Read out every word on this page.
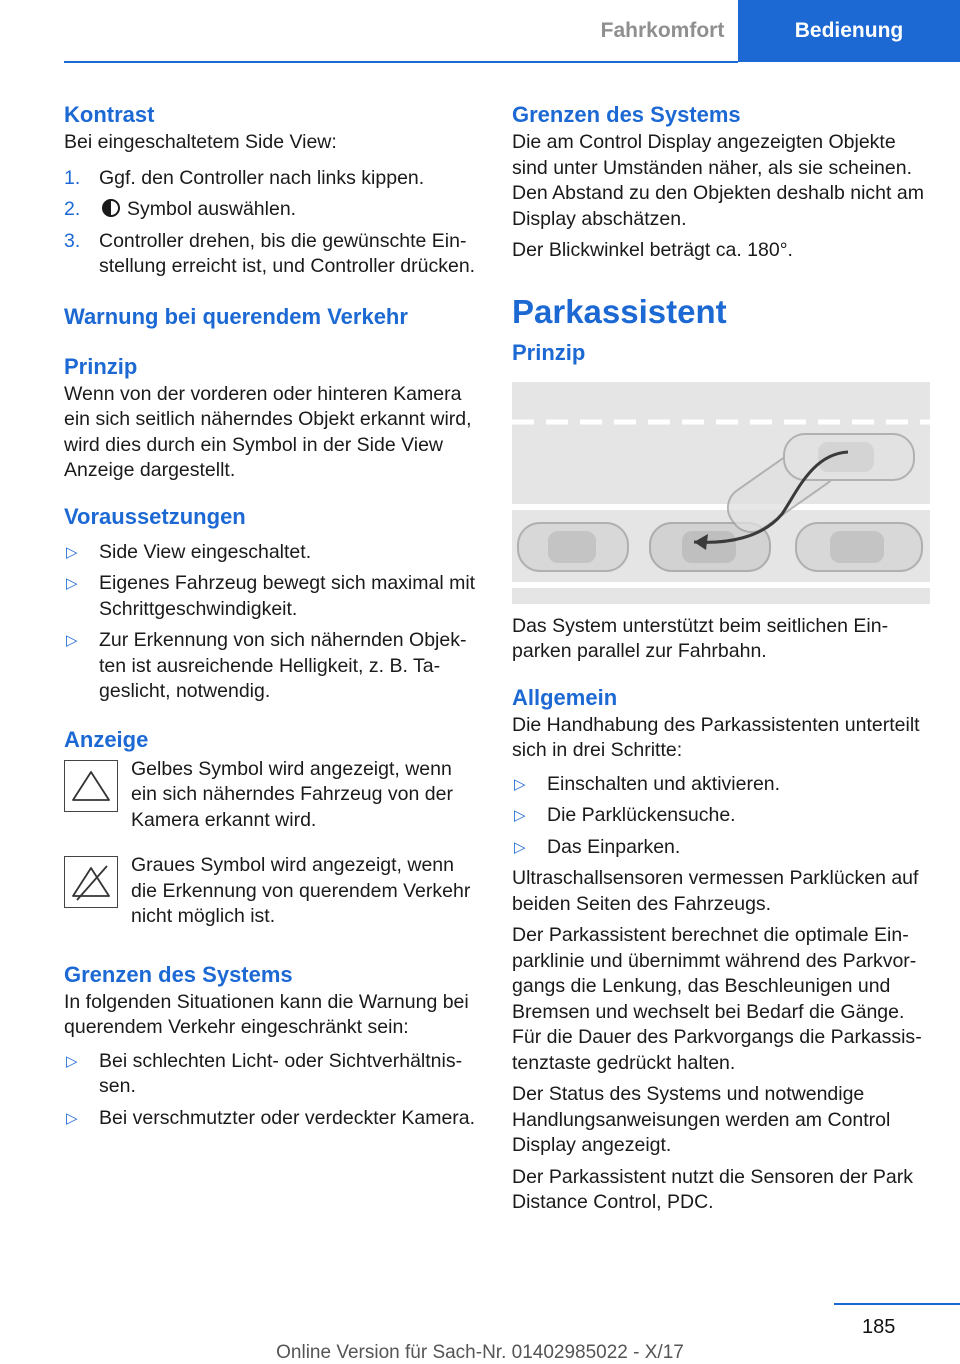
Fahrkomfort	Bedienung
Kontrast

Bei eingeschaltetem Side View:

1. Ggf. den Controller nach links kippen.
2. Symbol auswählen.
3. Controller drehen, bis die gewünschte Einstellung erreicht ist, und Controller drücken.
Warnung bei querendem Verkehr
Prinzip

Wenn von der vorderen oder hinteren Kamera ein sich seitlich näherndes Objekt erkannt wird, wird dies durch ein Symbol in der Side View Anzeige dargestellt.

Voraussetzungen
▷ Side View eingeschaltet.
▷ Eigenes Fahrzeug bewegt sich maximal mit Schrittgeschwindigkeit.
▷ Zur Erkennung von sich nähernden Objekten ist ausreichende Helligkeit, z. B. Tageslicht, notwendig.
Anzeige
Gelbes Symbol wird angezeigt, wenn ein sich näherndes Fahrzeug von der Kamera erkannt wird.
Graues Symbol wird angezeigt, wenn die Erkennung von querendem Verkehr nicht möglich ist.
Grenzen des Systems

In folgenden Situationen kann die Warnung bei querendem Verkehr eingeschränkt sein:

▷ Bei schlechten Licht- oder Sichtverhältnissen.
▷ Bei verschmutzter oder verdeckter Kamera.
Grenzen des Systems

Die am Control Display angezeigten Objekte sind unter Umständen näher, als sie scheinen. Den Abstand zu den Objekten deshalb nicht am Display abschätzen.

Der Blickwinkel beträgt ca. 180°.

Parkassistent
Prinzip

Das System unterstützt beim seitlichen Einparken parallel zur Fahrbahn.

Allgemein

Die Handhabung des Parkassistenten unterteilt sich in drei Schritte:

▷ Einschalten und aktivieren.
▷ Die Parklückensuche.
▷ Das Einparken.

Ultraschallsensoren vermessen Parklücken auf beiden Seiten des Fahrzeugs.

Der Parkassistent berechnet die optimale Einparklinie und übernimmt während des Parkvorgangs die Lenkung, das Beschleunigen und Bremsen und wechselt bei Bedarf die Gänge. Für die Dauer des Parkvorgangs die Parkassistenztaste gedrückt halten.

Der Status des Systems und notwendige Handlungsanweisungen werden am Control Display angezeigt.

Der Parkassistent nutzt die Sensoren der Park Distance Control, PDC.

185
Online Version für Sach-Nr. 01402985022 - X/17
